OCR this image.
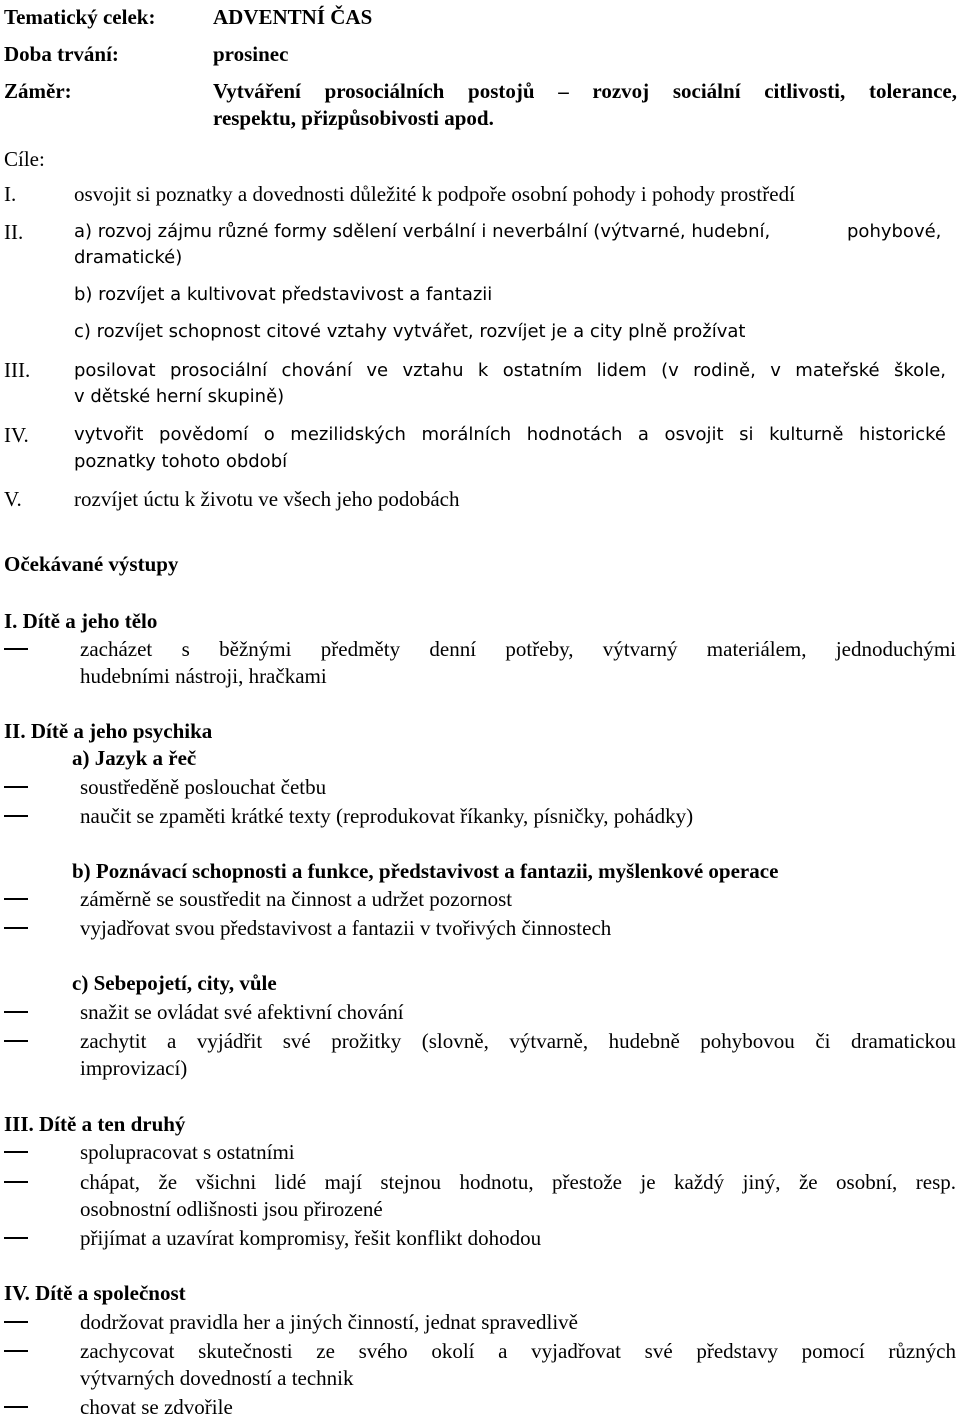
Tematický celek:	ADVENTNÍ ČAS
Doba trvání:	prosinec
Záměr:	Vytváření prosociálních postojů – rozvoj sociální citlivosti, tolerance,
respektu, přizpůsobivosti apod.
Cíle:
I.	osvojit si poznatky a dovednosti důležité k podpoře osobní pohody i pohody prostředí
II.	a) rozvoj zájmu různé formy sdělení verbální i neverbální (výtvarné, hudební,	pohybové,
dramatické)
b) rozvíjet a kultivovat představivost a fantazii
c) rozvíjet schopnost citové vztahy vytvářet, rozvíjet je a city plně prožívat
III. posilovat prosociální chování ve vztahu k ostatním lidem (v rodině, v mateřské škole,
v dětské herní skupině)
IV.	vytvořit povědomí o mezilidských morálních hodnotách a osvojit si kulturně historické
poznatky tohoto období
V. rozvíjet úctu k životu ve všech jeho podobách
Očekávané výstupy
I. Dítě a jeho tělo
zacházet s běžnými předměty denní potřeby, výtvarný materiálem, jednoduchými
hudebními nástroji, hračkami
II. Dítě a jeho psychika
a) Jazyk a řeč
soustředěně poslouchat četbu
naučit se zpaměti krátké texty (reprodukovat říkanky, písničky, pohádky)
b) Poznávací schopnosti a funkce, představivost a fantazii, myšlenkové operace
záměrně se soustředit na činnost a udržet pozornost
vyjadřovat svou představivost a fantazii v tvořivých činnostech
c) Sebepojetí, city, vůle
snažit se ovládat své afektivní chování
zachytit a vyjádřit své prožitky (slovně, výtvarně, hudebně pohybovou či dramatickou
improvizací)
III. Dítě a ten druhý
spolupracovat s ostatními
chápat, že všichni lidé mají stejnou hodnotu, přestože je každý jiný, že osobní, resp.
osobnostní odlišnosti jsou přirozené
přijímat a uzavírat kompromisy, řešit konflikt dohodou
IV. Dítě a společnost
dodržovat pravidla her a jiných činností, jednat spravedlivě
zachycovat skutečnosti ze svého okolí a vyjadřovat své představy pomocí různých
výtvarných dovedností a technik
chovat se zdvořile
